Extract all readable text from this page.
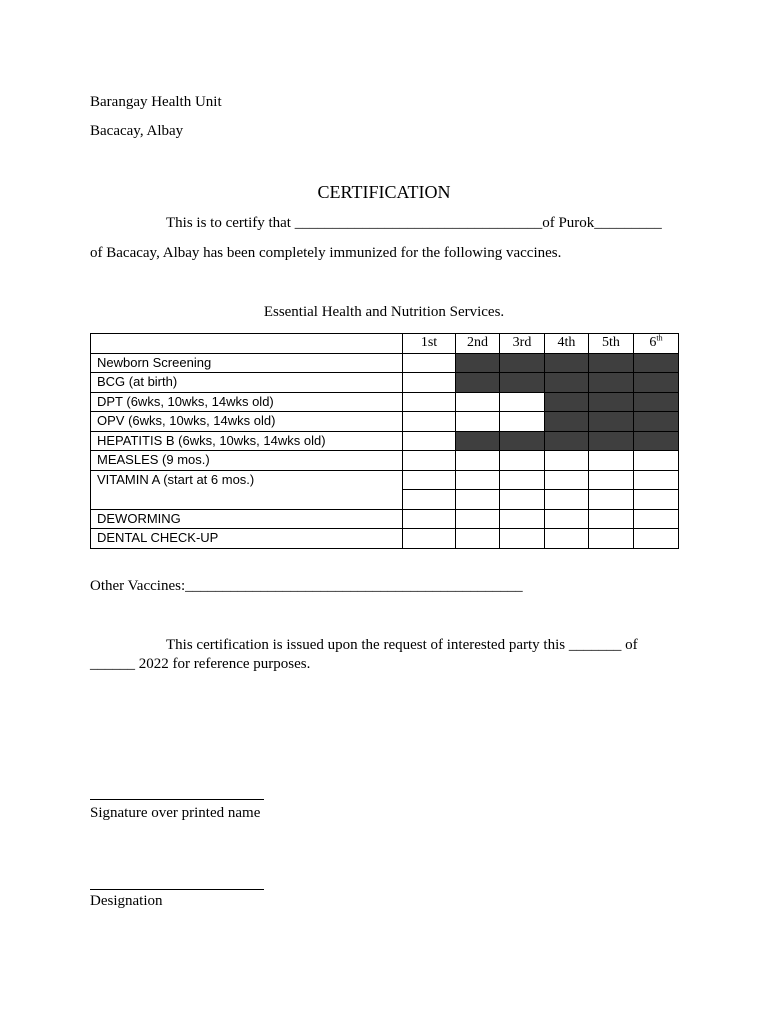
Barangay Health Unit
Bacacay, Albay
CERTIFICATION
This is to certify that _________________________________of Purok_________
of Bacacay, Albay has been completely immunized for the following vaccines.
Essential Health and Nutrition Services.
	1st	2nd	3rd	4th	5th	6th
Newborn Screening						
BCG (at birth)						
DPT (6wks, 10wks, 14wks old)						
OPV (6wks, 10wks, 14wks old)						
HEPATITIS B (6wks, 10wks, 14wks old)						
MEASLES (9 mos.)						
VITAMIN A (start at 6 mos.)						

DEWORMING						
DENTAL CHECK-UP						
Other Vaccines:_____________________________________________
This certification is issued upon the request of interested party this _______ of
______ 2022 for reference purposes.
Signature over printed name
Designation
